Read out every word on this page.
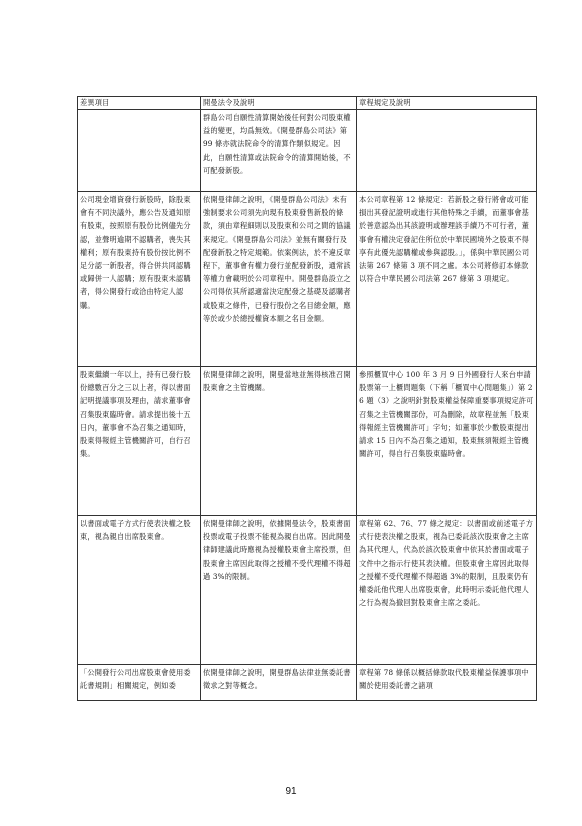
差異項目	開曼法令及說明	章程規定及說明
	群島公司自願性清算開始後任何對公司股東權益的變更，均爲無效。《開曼群島公司法》第 99 條亦就法院命令的清算作類似規定。因此，自願性清算或法院命令的清算開始後，不可配發新股。	
公司現金增資發行新股時，除股東會有不同決議外，應公告及通知原有股東，按照原有股份比例儘先分認，並聲明逾期不認購者，喪失其權利；原有股東持有股份按比例不足分認一新股者，得合併共同認購或歸併一人認購；原有股東未認購者，得公開發行或洽由特定人認購。	依開曼律師之說明，《開曼群島公司法》未有強制要求公司須先向現有股東發售新股的條款，須由章程細則以及股東和公司之間的協議來規定。《開曼群島公司法》並無有關發行及配發新股之特定規範。依案例法，於不違反章程下，董事會有權力發行並配發新股，通常該等權力會載明於公司章程中。開曼群島設立之公司得依其所認適當決定配發之基礎及認購者或股東之條件，已發行股份之名目總金額，應等於或少於總授權資本額之名目金額。	本公司章程第 12 條規定：若新股之發行將會或可能損出其發記證明或進行其他特殊之手續，而董事會基於善意認為出其該證明或辦理該手續乃不可行者，董事會有權決定發記住所位於中華民國境外之股東不得享有此優先認購權或參與認股。」，係與中華民國公司法第 267 條第 3 項不同之處。本公司將修訂本條款以符合中華民國公司法第 267 條第 3 項規定。
股東繼續一年以上，持有已發行股份總數百分之三以上者，得以書面記明提議事項及理由，請求董事會召集股東臨時會。請求提出後十五日內，董事會不為召集之通知時，股東得報經主管機關許可，自行召集。	依開曼律師之說明，開曼當地並無得核准召開股東會之主管機關。	參照櫃買中心 100 年 3 月 9 日外國發行人來台申請股票第一上櫃問題集（下稱「櫃買中心問題集」）第 26 題（3）之說明針對股東權益保障重要事項規定許可召集之主管機關部份，可為刪除，故章程並無「股東得報經主管機關許可」字句；如董事於少數股東提出請求 15 日內不為召集之通知，股東無須報經主管機關許可，得自行召集股東臨時會。
以書面或電子方式行使表決權之股東，視為親自出席股東會。	依開曼律師之說明，依據開曼法令，股東書面投票或電子投票不能視為親自出席。因此開曼律師建議此時應視為授權股東會主席投票，但股東會主席因此取得之授權不受代理權不得超過 3%的限制。	章程第 62、76、77 條之規定：以書面或前述電子方式行使表決權之股東，視為已委託該次股東會之主席為其代理人，代為於該次股東會中依其於書面或電子文件中之指示行使其表決權。但股東會主席因此取得之授權不受代理權不得超過 3%的限制，且股東仍有權委託他代理人出席股東會，此時明示委託他代理人之行為視為撤回對股東會主席之委託。
「公開發行公司出席股東會使用委託書規則」相關規定，例如委	依開曼律師之說明，開曼群島法律並無委託書徵求之對等概念。	章程第 78 條係以概括條款取代股東權益保護事項中關於使用委託書之諸項
91
